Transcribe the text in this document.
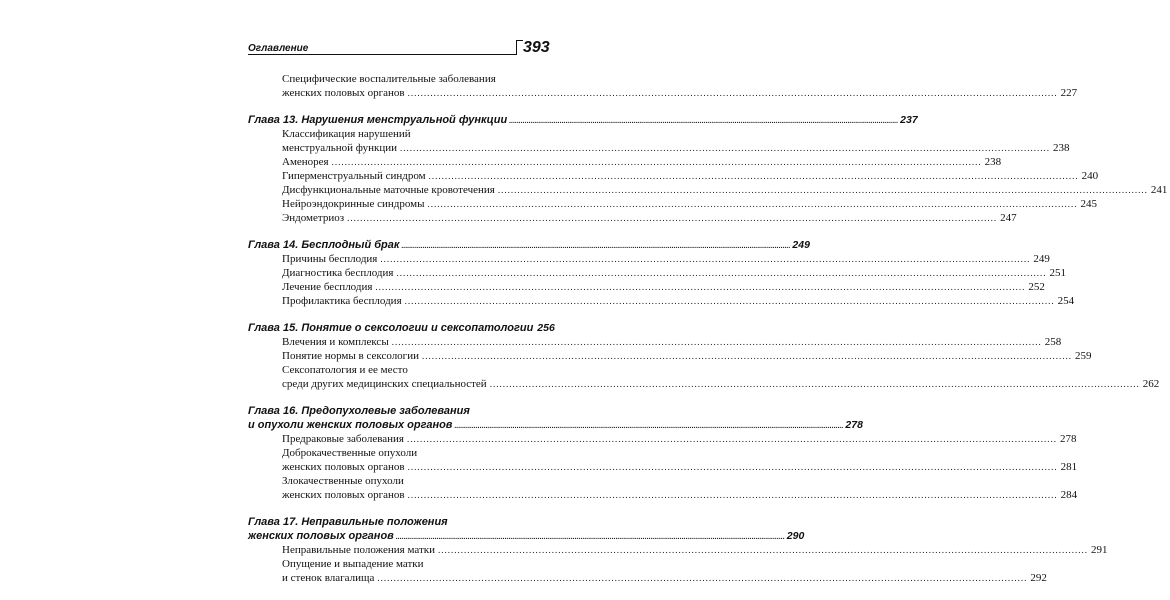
Оглавление	393
Специфические воспалительные заболевания
женских половых органов ........................................................................................................................................................................................................ 227
Глава 13. Нарушения менструальной функции ........................................................................................................................................................................................................ 237
Классификация нарушений
менструальной функции ........................................................................................................................................................................................................ 238
Аменорея ........................................................................................................................................................................................................ 238
Гиперменструальный синдром ........................................................................................................................................................................................................ 240
Дисфункциональные маточные кровотечения ........................................................................................................................................................................................................ 241
Нейроэндокринные синдромы ........................................................................................................................................................................................................ 245
Эндометриоз ........................................................................................................................................................................................................ 247
Глава 14. Бесплодный брак ........................................................................................................................................................................................................ 249
Причины бесплодия ........................................................................................................................................................................................................ 249
Диагностика бесплодия ........................................................................................................................................................................................................ 251
Лечение бесплодия ........................................................................................................................................................................................................ 252
Профилактика бесплодия ........................................................................................................................................................................................................ 254
Глава 15. Понятие о сексологии и сексопатологии 256
Влечения и комплексы ........................................................................................................................................................................................................ 258
Понятие нормы в сексологии ........................................................................................................................................................................................................ 259
Сексопатология и ее место
среди других медицинских специальностей ........................................................................................................................................................................................................ 262
Глава 16. Предопухолевые заболевания
и опухоли женских половых органов ........................................................................................................................................................................................................ 278
Предраковые заболевания ........................................................................................................................................................................................................ 278
Доброкачественные опухоли
женских половых органов ........................................................................................................................................................................................................ 281
Злокачественные опухоли
женских половых органов ........................................................................................................................................................................................................ 284
Глава 17. Неправильные положения
женских половых органов ........................................................................................................................................................................................................ 290
Неправильные положения матки ........................................................................................................................................................................................................ 291
Опущение и выпадение матки
и стенок влагалища ........................................................................................................................................................................................................ 292
